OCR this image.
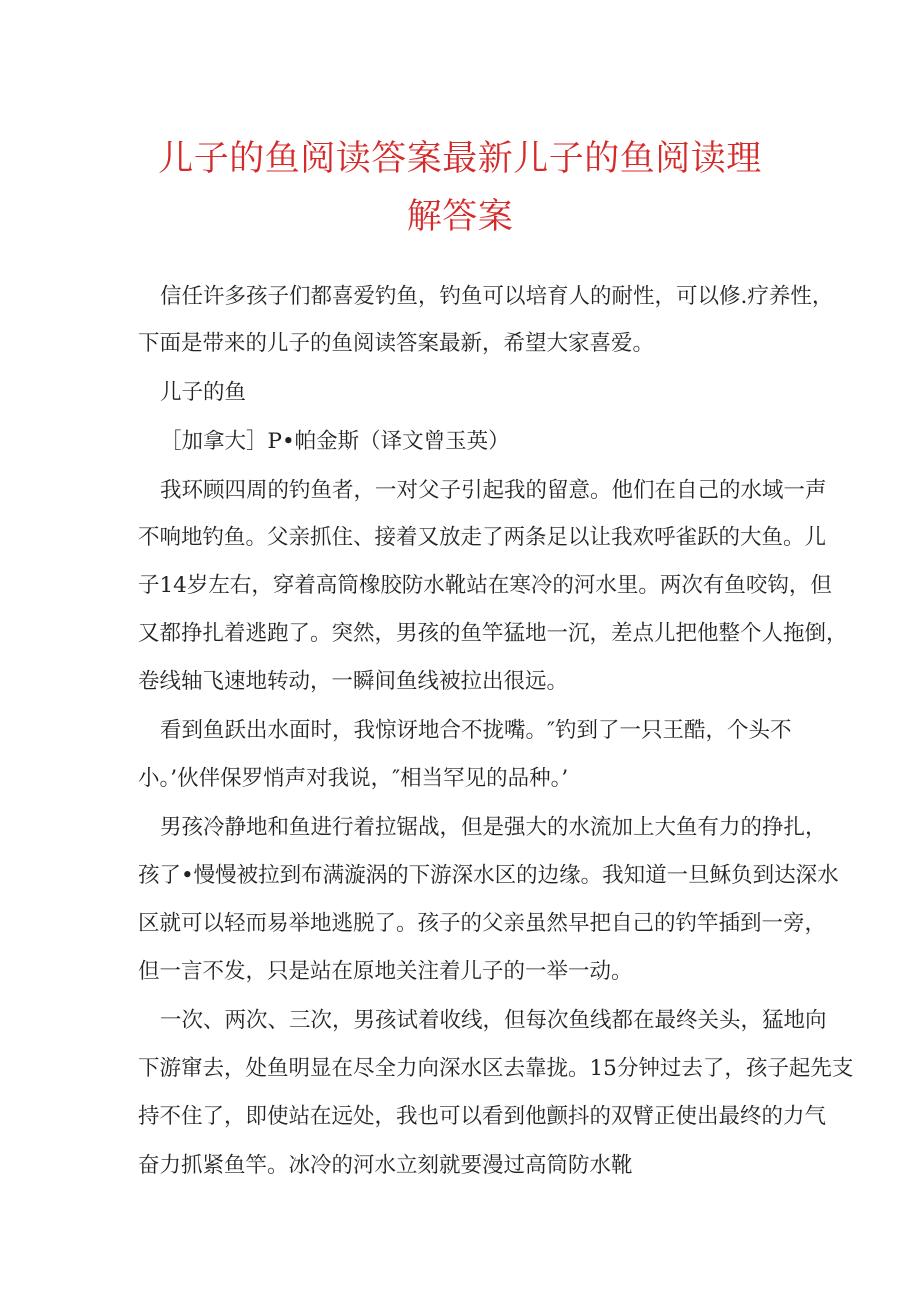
儿子的鱼阅读答案最新儿子的鱼阅读理
解答案
信任许多孩子们都喜爱钓鱼，钓鱼可以培育人的耐性，可以修.疗养性，
下面是带来的儿子的鱼阅读答案最新，希望大家喜爱。
儿子的鱼
［加拿大］P•帕金斯（译文曾玉英）
我环顾四周的钓鱼者，一对父子引起我的留意。他们在自己的水域一声
不响地钓鱼。父亲抓住、接着又放走了两条足以让我欢呼雀跃的大鱼。儿
子14岁左右，穿着高筒橡胶防水靴站在寒冷的河水里。两次有鱼咬钩，但
又都挣扎着逃跑了。突然，男孩的鱼竿猛地一沉，差点儿把他整个人拖倒，
卷线轴飞速地转动，一瞬间鱼线被拉出很远。
看到鱼跃出水面时，我惊讶地合不拢嘴。″钓到了一只王酷，个头不
小。’伙伴保罗悄声对我说，″相当罕见的品种。’
男孩冷静地和鱼进行着拉锯战，但是强大的水流加上大鱼有力的挣扎，
孩了•慢慢被拉到布满漩涡的下游深水区的边缘。我知道一旦稣负到达深水
区就可以轻而易举地逃脱了。孩子的父亲虽然早把自己的钓竿插到一旁，
但一言不发，只是站在原地关注着儿子的一举一动。
一次、两次、三次，男孩试着收线，但每次鱼线都在最终关头，猛地向
下游窜去，处鱼明显在尽全力向深水区去靠拢。15分钟过去了，孩子起先支
持不住了，即使站在远处，我也可以看到他颤抖的双臂正使出最终的力气
奋力抓紧鱼竿。冰冷的河水立刻就要漫过高筒防水靴
